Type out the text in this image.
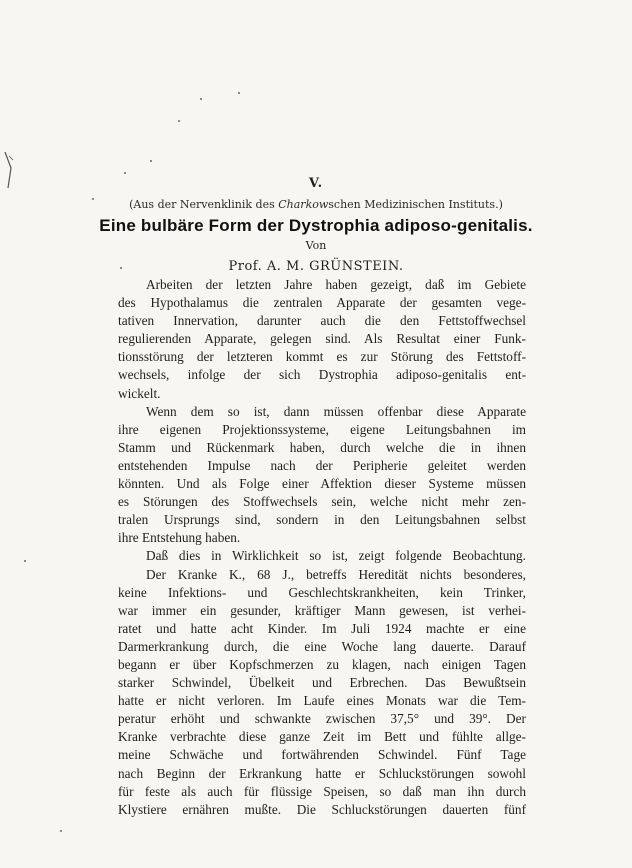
V.
(Aus der Nervenklinik des Charkowschen Medizinischen Instituts.)
Eine bulbäre Form der Dystrophia adiposo-genitalis.
Von
Prof. A. M. GRÜNSTEIN.
Arbeiten der letzten Jahre haben gezeigt, daß im Gebiete
des Hypothalamus die zentralen Apparate der gesamten vege-
tativen Innervation, darunter auch die den Fettstoffwechsel
regulierenden Apparate, gelegen sind. Als Resultat einer Funk-
tionsstörung der letzteren kommt es zur Störung des Fettstoff-
wechsels, infolge der sich Dystrophia adiposo-genitalis ent-
wickelt.
Wenn dem so ist, dann müssen offenbar diese Apparate
ihre eigenen Projektionssysteme, eigene Leitungsbahnen im
Stamm und Rückenmark haben, durch welche die in ihnen
entstehenden Impulse nach der Peripherie geleitet werden
könnten. Und als Folge einer Affektion dieser Systeme müssen
es Störungen des Stoffwechsels sein, welche nicht mehr zen-
tralen Ursprungs sind, sondern in den Leitungsbahnen selbst
ihre Entstehung haben.
Daß dies in Wirklichkeit so ist, zeigt folgende Beobachtung.
Der Kranke K., 68 J., betreffs Heredität nichts besonderes,
keine Infektions- und Geschlechtskrankheiten, kein Trinker,
war immer ein gesunder, kräftiger Mann gewesen, ist verhei-
ratet und hatte acht Kinder. Im Juli 1924 machte er eine
Darmerkrankung durch, die eine Woche lang dauerte. Darauf
begann er über Kopfschmerzen zu klagen, nach einigen Tagen
starker Schwindel, Übelkeit und Erbrechen. Das Bewußtsein
hatte er nicht verloren. Im Laufe eines Monats war die Tem-
peratur erhöht und schwankte zwischen 37,5° und 39°. Der
Kranke verbrachte diese ganze Zeit im Bett und fühlte allge-
meine Schwäche und fortwährenden Schwindel. Fünf Tage
nach Beginn der Erkrankung hatte er Schluckstörungen sowohl
für feste als auch für flüssige Speisen, so daß man ihn durch
Klystiere ernähren mußte. Die Schluckstörungen dauerten fünf
